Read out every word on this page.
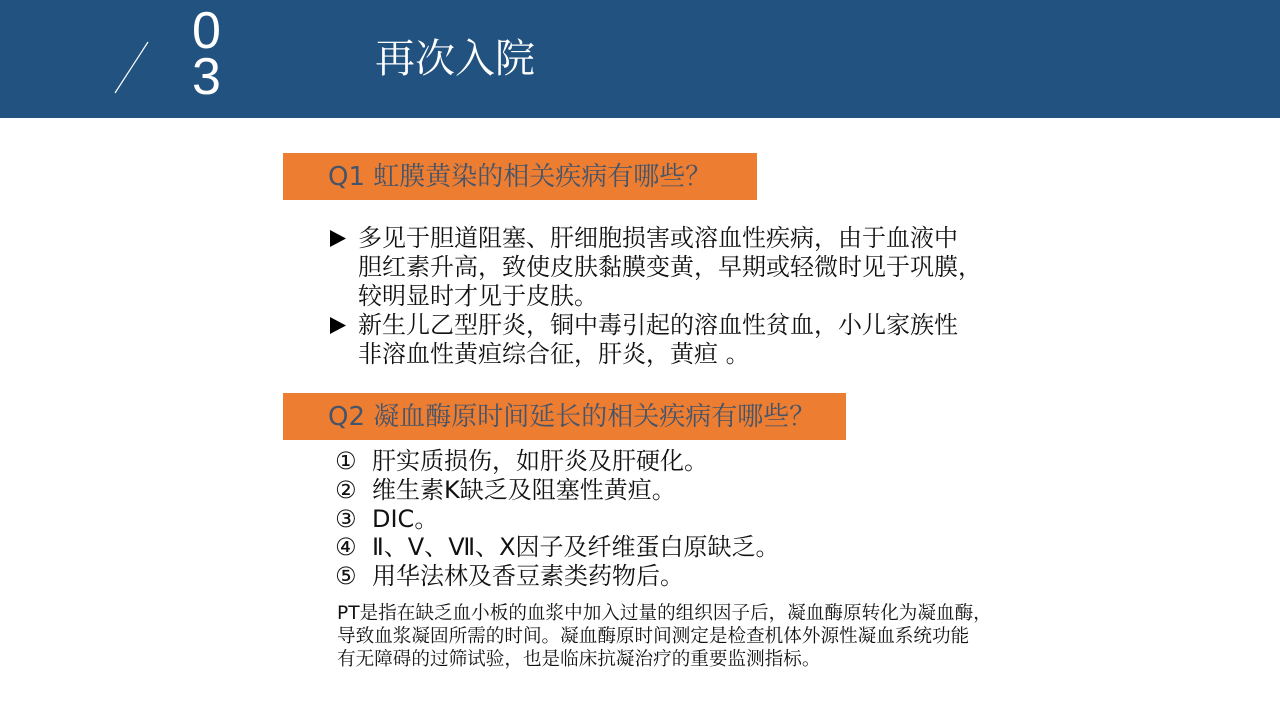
0
3	再次入院
Q1 虹膜黄染的相关疾病有哪些？
多见于胆道阻塞、肝细胞损害或溶血性疾病，由于血液中
胆红素升高，致使皮肤黏膜变黄，早期或轻微时见于巩膜，
较明显时才见于皮肤。
新生儿乙型肝炎，铜中毒引起的溶血性贫血，小儿家族性
非溶血性黄疸综合征，肝炎，黄疸 。
Q2 凝血酶原时间延长的相关疾病有哪些？
① 肝实质损伤，如肝炎及肝硬化。
② 维生素K缺乏及阻塞性黄疸。
③ DIC。
④ Ⅱ、Ⅴ、Ⅶ、Ⅹ因子及纤维蛋白原缺乏。
⑤ 用华法林及香豆素类药物后。
PT是指在缺乏血小板的血浆中加入过量的组织因子后，凝血酶原转化为凝血酶，
导致血浆凝固所需的时间。凝血酶原时间测定是检查机体外源性凝血系统功能
有无障碍的过筛试验，也是临床抗凝治疗的重要监测指标。
